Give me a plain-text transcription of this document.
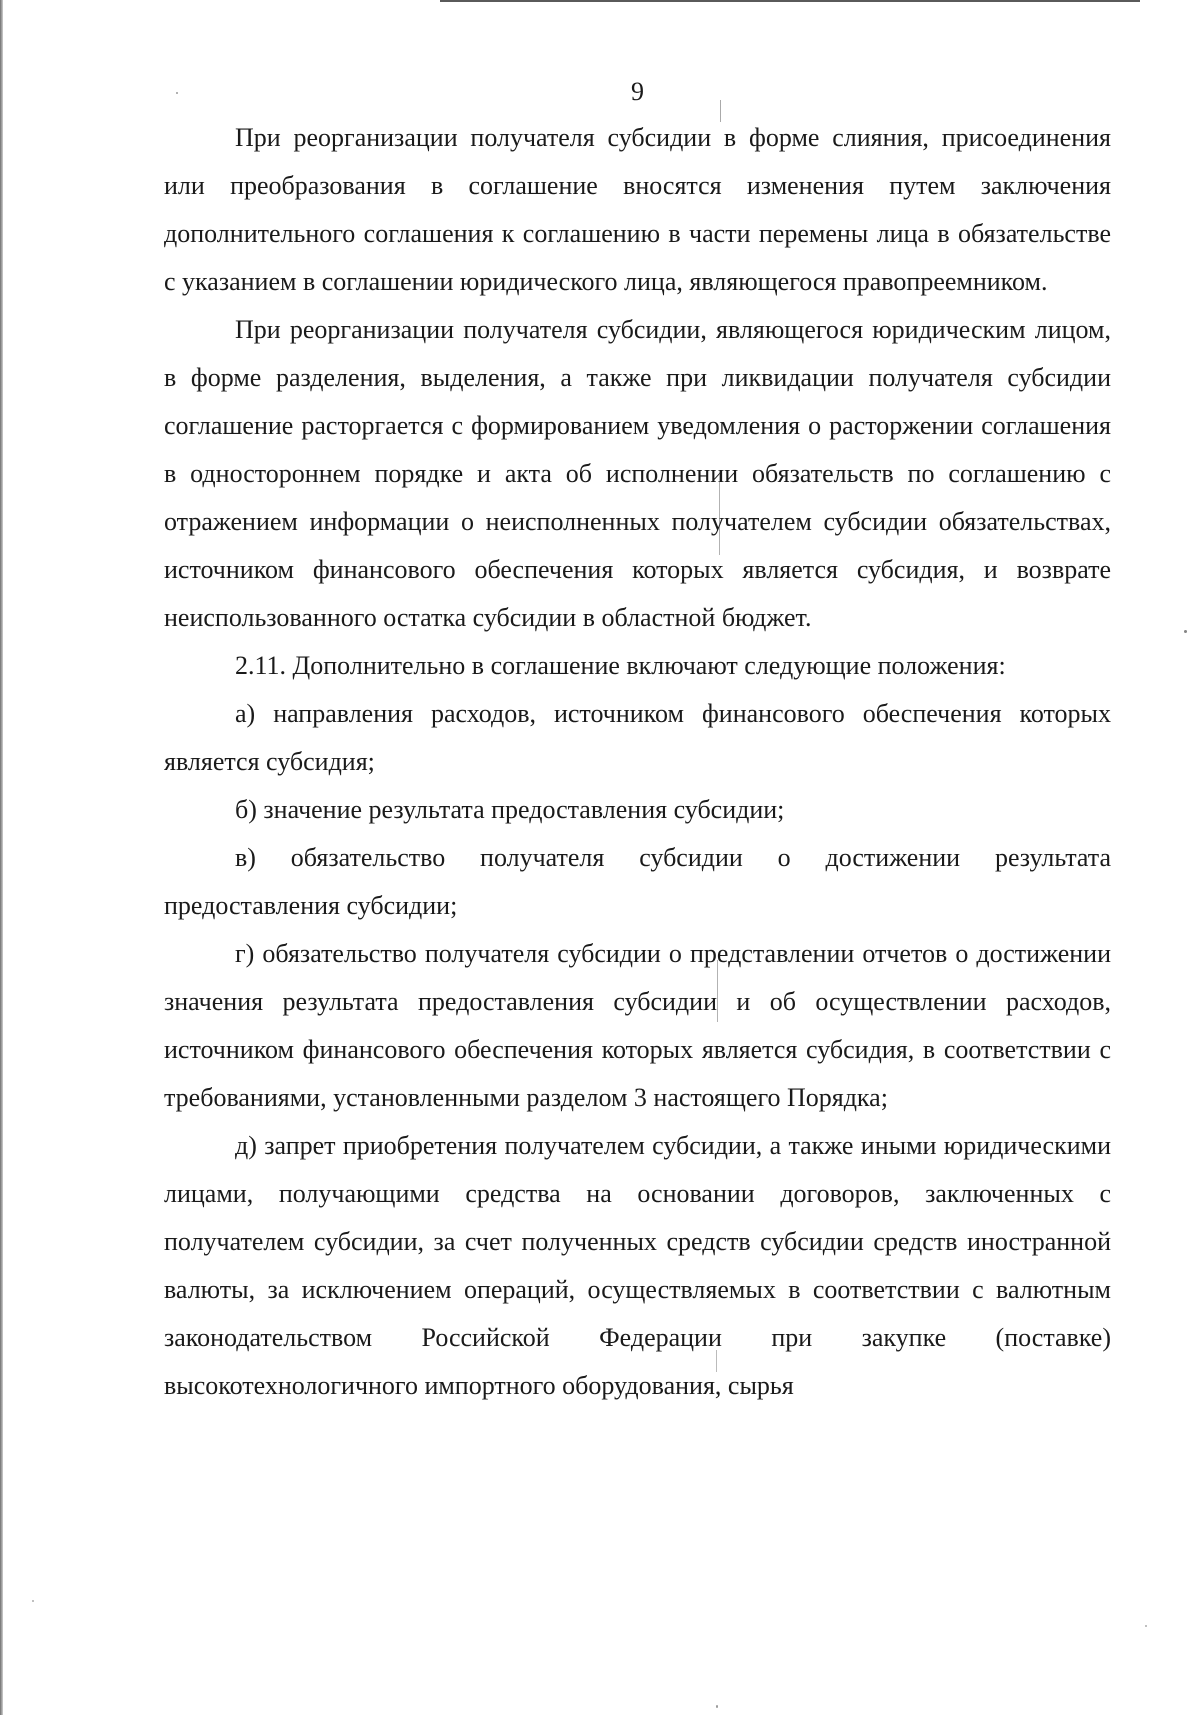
9

При реорганизации получателя субсидии в форме слияния, присоединения или преобразования в соглашение вносятся изменения путем заключения дополнительного соглашения к соглашению в части перемены лица в обязательстве с указанием в соглашении юридического лица, являющегося правопреемником.

При реорганизации получателя субсидии, являющегося юридическим лицом, в форме разделения, выделения, а также при ликвидации получателя субсидии соглашение расторгается с формированием уведомления о расторжении соглашения в одностороннем порядке и акта об исполнении обязательств по соглашению с отражением информации о неисполненных получателем субсидии обязательствах, источником финансового обеспечения которых является субсидия, и возврате неиспользованного остатка субсидии в областной бюджет.

2.11. Дополнительно в соглашение включают следующие положения:

а) направления расходов, источником финансового обеспечения которых является субсидия;

б) значение результата предоставления субсидии;

в) обязательство получателя субсидии о достижении результата предоставления субсидии;

г) обязательство получателя субсидии о представлении отчетов о достижении значения результата предоставления субсидии и об осуществлении расходов, источником финансового обеспечения которых является субсидия, в соответствии с требованиями, установленными разделом 3 настоящего Порядка;

д) запрет приобретения получателем субсидии, а также иными юридическими лицами, получающими средства на основании договоров, заключенных с получателем субсидии, за счет полученных средств субсидии средств иностранной валюты, за исключением операций, осуществляемых в соответствии с валютным законодательством Российской Федерации при закупке (поставке) высокотехнологичного импортного оборудования, сырья
